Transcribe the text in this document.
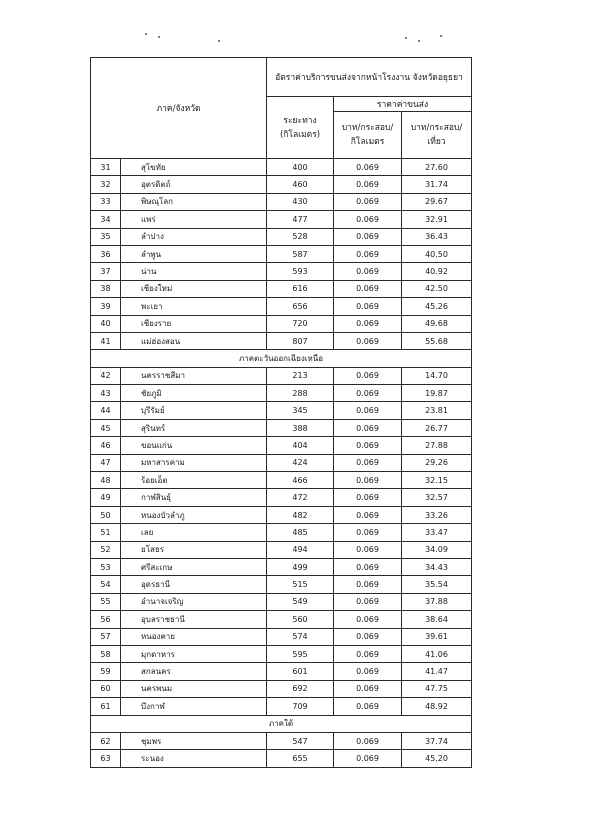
ภาค/จังหวัด		อัตราค่าบริการขนส่งจากหน้าโรงงาน จังหวัดอยุธยา		
		ระยะทาง (กิโลเมตร)	ราคาค่าขนส่ง	
			บาท/กระสอบ/ กิโลเมตร	บาท/กระสอบ/ เที่ยว
31	สุโขทัย	400	0.069	27.60
32	อุตรดิตถ์	460	0.069	31.74
33	พิษณุโลก	430	0.069	29.67
34	แพร่	477	0.069	32.91
35	ลำปาง	528	0.069	36.43
36	ลำพูน	587	0.069	40.50
37	น่าน	593	0.069	40.92
38	เชียงใหม่	616	0.069	42.50
39	พะเยา	656	0.069	45.26
40	เชียงราย	720	0.069	49.68
41	แม่ฮ่องสอน	807	0.069	55.68
ภาคตะวันออกเฉียงเหนือ				
42	นครราชสีมา	213	0.069	14.70
43	ชัยภูมิ	288	0.069	19.87
44	บุรีรัมย์	345	0.069	23.81
45	สุรินทร์	388	0.069	26.77
46	ขอนแก่น	404	0.069	27.88
47	มหาสารคาม	424	0.069	29.26
48	ร้อยเอ็ด	466	0.069	32.15
49	กาฬสินธุ์	472	0.069	32.57
50	หนองบัวลำภู	482	0.069	33.26
51	เลย	485	0.069	33.47
52	ยโสธร	494	0.069	34.09
53	ศรีสะเกษ	499	0.069	34.43
54	อุดรธานี	515	0.069	35.54
55	อำนาจเจริญ	549	0.069	37.88
56	อุบลราชธานี	560	0.069	38.64
57	หนองคาย	574	0.069	39.61
58	มุกดาหาร	595	0.069	41.06
59	สกลนคร	601	0.069	41.47
60	นครพนม	692	0.069	47.75
61	บึงกาฬ	709	0.069	48.92
ภาคใต้				
62	ชุมพร	547	0.069	37.74
63	ระนอง	655	0.069	45.20
